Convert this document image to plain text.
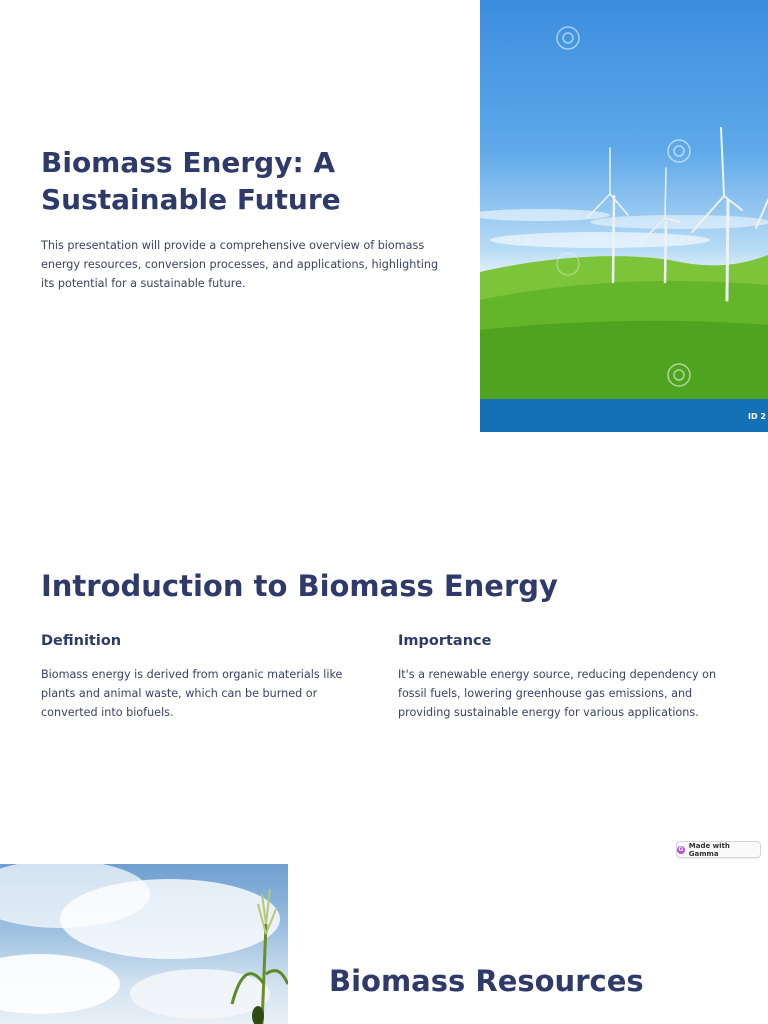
Biomass Energy: A Sustainable Future

This presentation will provide a comprehensive overview of biomass energy resources, conversion processes, and applications, highlighting its potential for a sustainable future.

ID 2
Introduction to Biomass Energy
Definition

Biomass energy is derived from organic materials like plants and animal waste, which can be burned or converted into biofuels.

Importance

It's a renewable energy source, reducing dependency on fossil fuels, lowering greenhouse gas emissions, and providing sustainable energy for various applications.

G Made with Gamma
Biomass Resources
